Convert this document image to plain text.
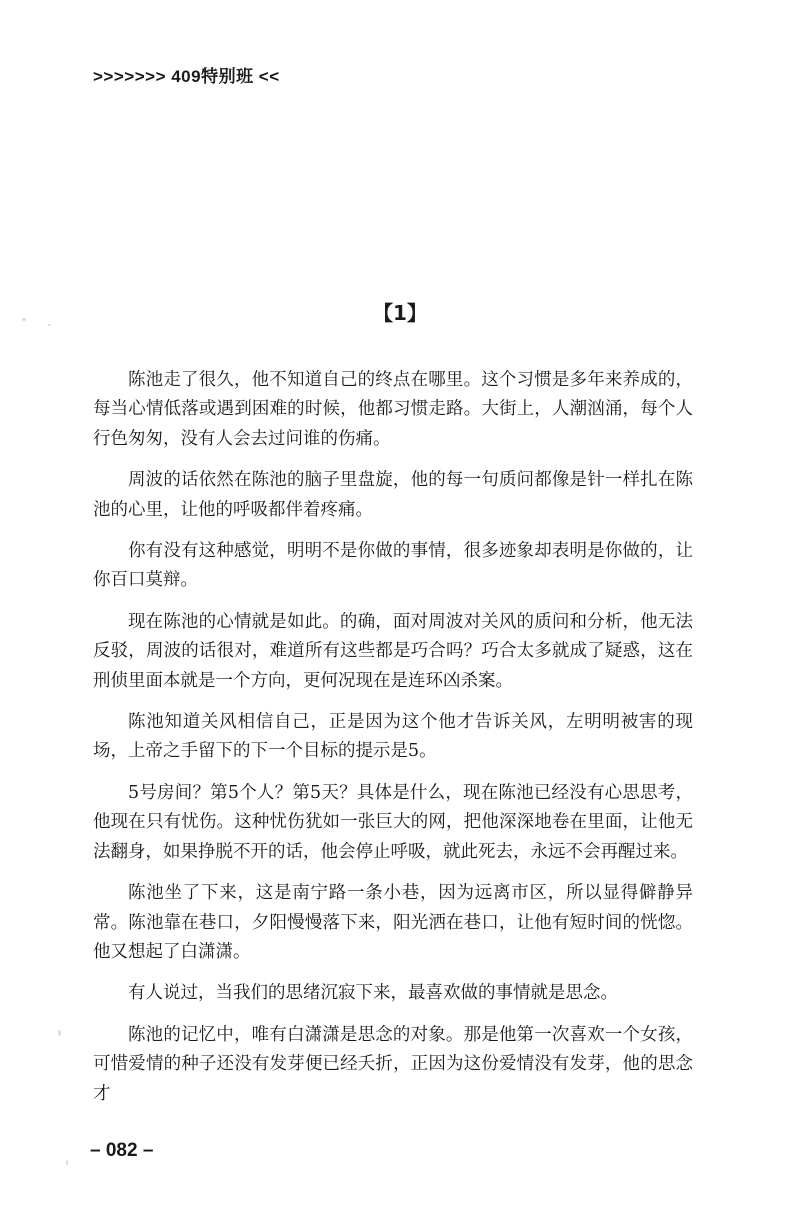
>>>>>>> 409特别班 <<
【1】

陈池走了很久，他不知道自己的终点在哪里。这个习惯是多年来养成的，每当心情低落或遇到困难的时候，他都习惯走路。大街上，人潮汹涌，每个人行色匆匆，没有人会去过问谁的伤痛。

周波的话依然在陈池的脑子里盘旋，他的每一句质问都像是针一样扎在陈池的心里，让他的呼吸都伴着疼痛。

你有没有这种感觉，明明不是你做的事情，很多迹象却表明是你做的，让你百口莫辩。

现在陈池的心情就是如此。的确，面对周波对关风的质问和分析，他无法反驳，周波的话很对，难道所有这些都是巧合吗？巧合太多就成了疑惑，这在刑侦里面本就是一个方向，更何况现在是连环凶杀案。

陈池知道关风相信自己，正是因为这个他才告诉关风，左明明被害的现场，上帝之手留下的下一个目标的提示是5。

5号房间？第5个人？第5天？具体是什么，现在陈池已经没有心思思考，他现在只有忧伤。这种忧伤犹如一张巨大的网，把他深深地卷在里面，让他无法翻身，如果挣脱不开的话，他会停止呼吸，就此死去，永远不会再醒过来。

陈池坐了下来，这是南宁路一条小巷，因为远离市区，所以显得僻静异常。陈池靠在巷口，夕阳慢慢落下来，阳光洒在巷口，让他有短时间的恍惚。他又想起了白潇潇。

有人说过，当我们的思绪沉寂下来，最喜欢做的事情就是思念。

陈池的记忆中，唯有白潇潇是思念的对象。那是他第一次喜欢一个女孩，可惜爱情的种子还没有发芽便已经夭折，正因为这份爱情没有发芽，他的思念才

– 082 –
